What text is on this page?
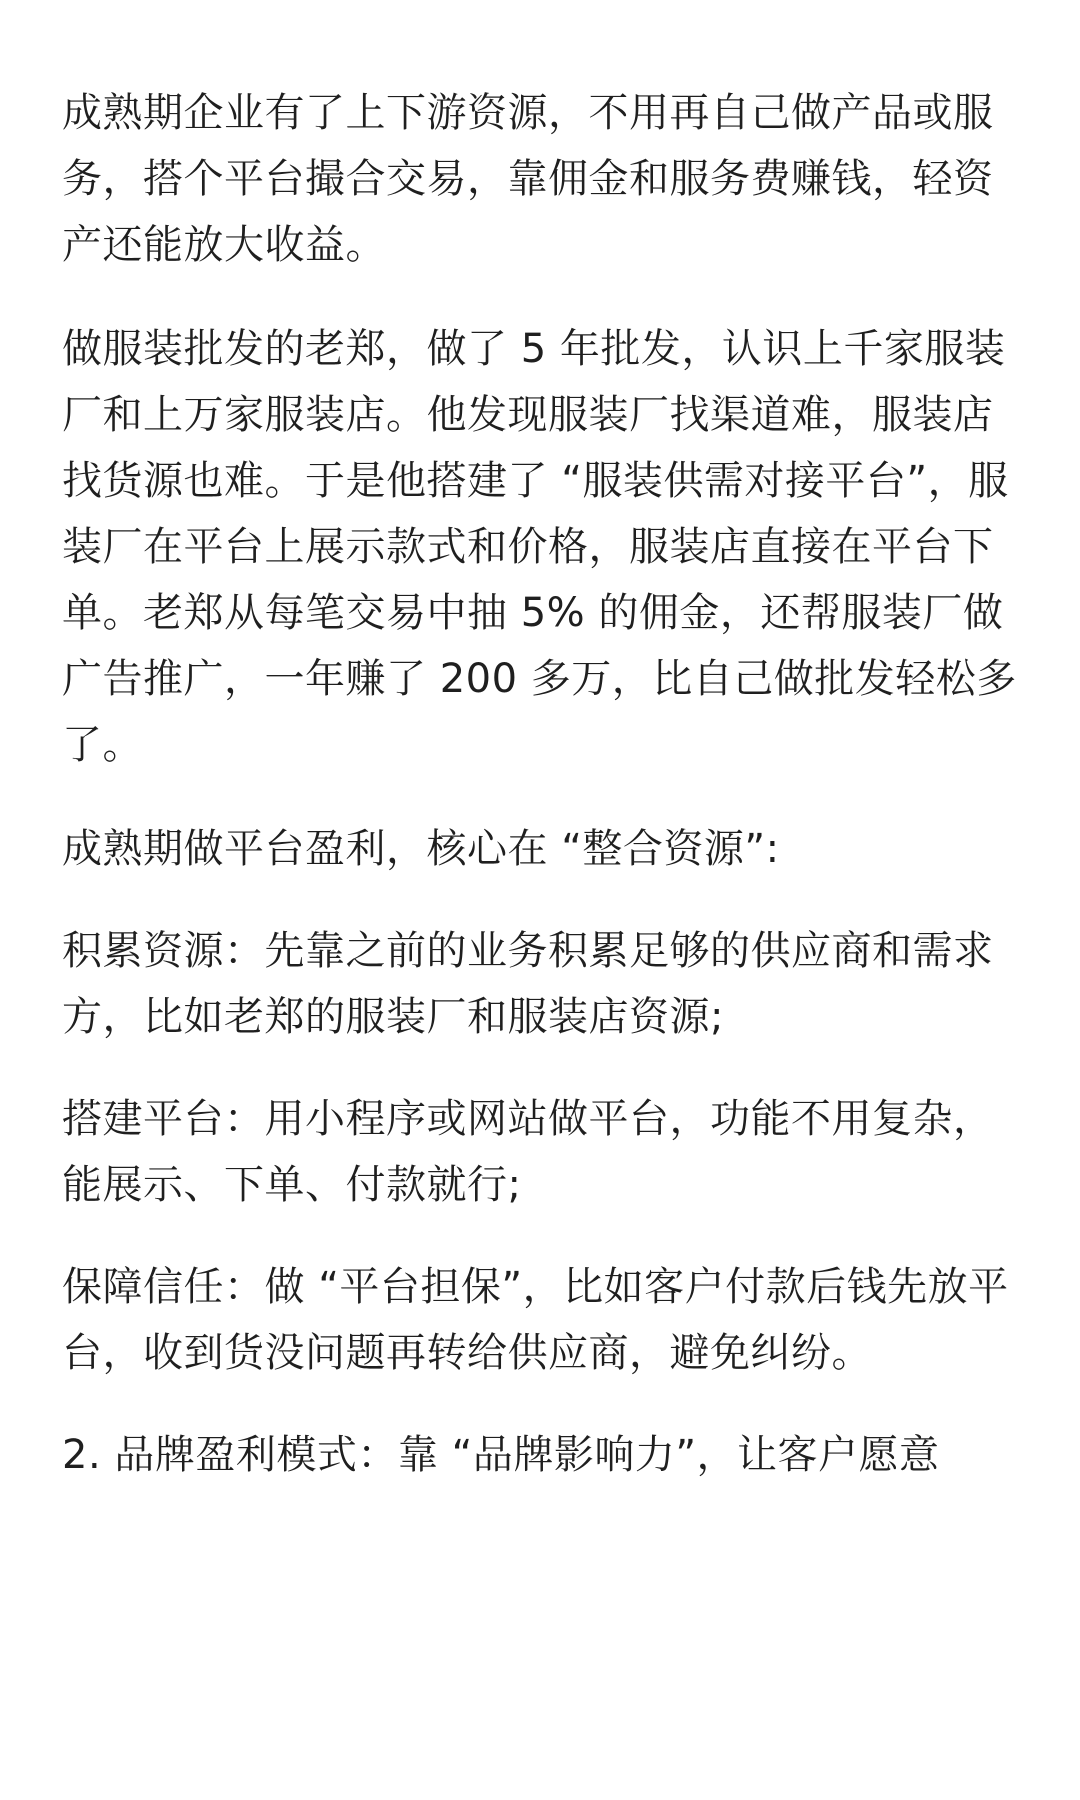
成熟期企业有了上下游资源，不用再自己做产品或服务，搭个平台撮合交易，靠佣金和服务费赚钱，轻资产还能放大收益。

做服装批发的老郑，做了 5 年批发，认识上千家服装厂和上万家服装店。他发现服装厂找渠道难，服装店找货源也难。于是他搭建了 “服装供需对接平台”，服装厂在平台上展示款式和价格，服装店直接在平台下单。老郑从每笔交易中抽 5% 的佣金，还帮服装厂做广告推广，一年赚了 200 多万，比自己做批发轻松多了。

成熟期做平台盈利，核心在 “整合资源”:

积累资源：先靠之前的业务积累足够的供应商和需求方，比如老郑的服装厂和服装店资源;

搭建平台：用小程序或网站做平台，功能不用复杂，能展示、下单、付款就行;

保障信任：做 “平台担保”，比如客户付款后钱先放平台，收到货没问题再转给供应商，避免纠纷。

2. 品牌盈利模式：靠 “品牌影响力”，让客户愿意
